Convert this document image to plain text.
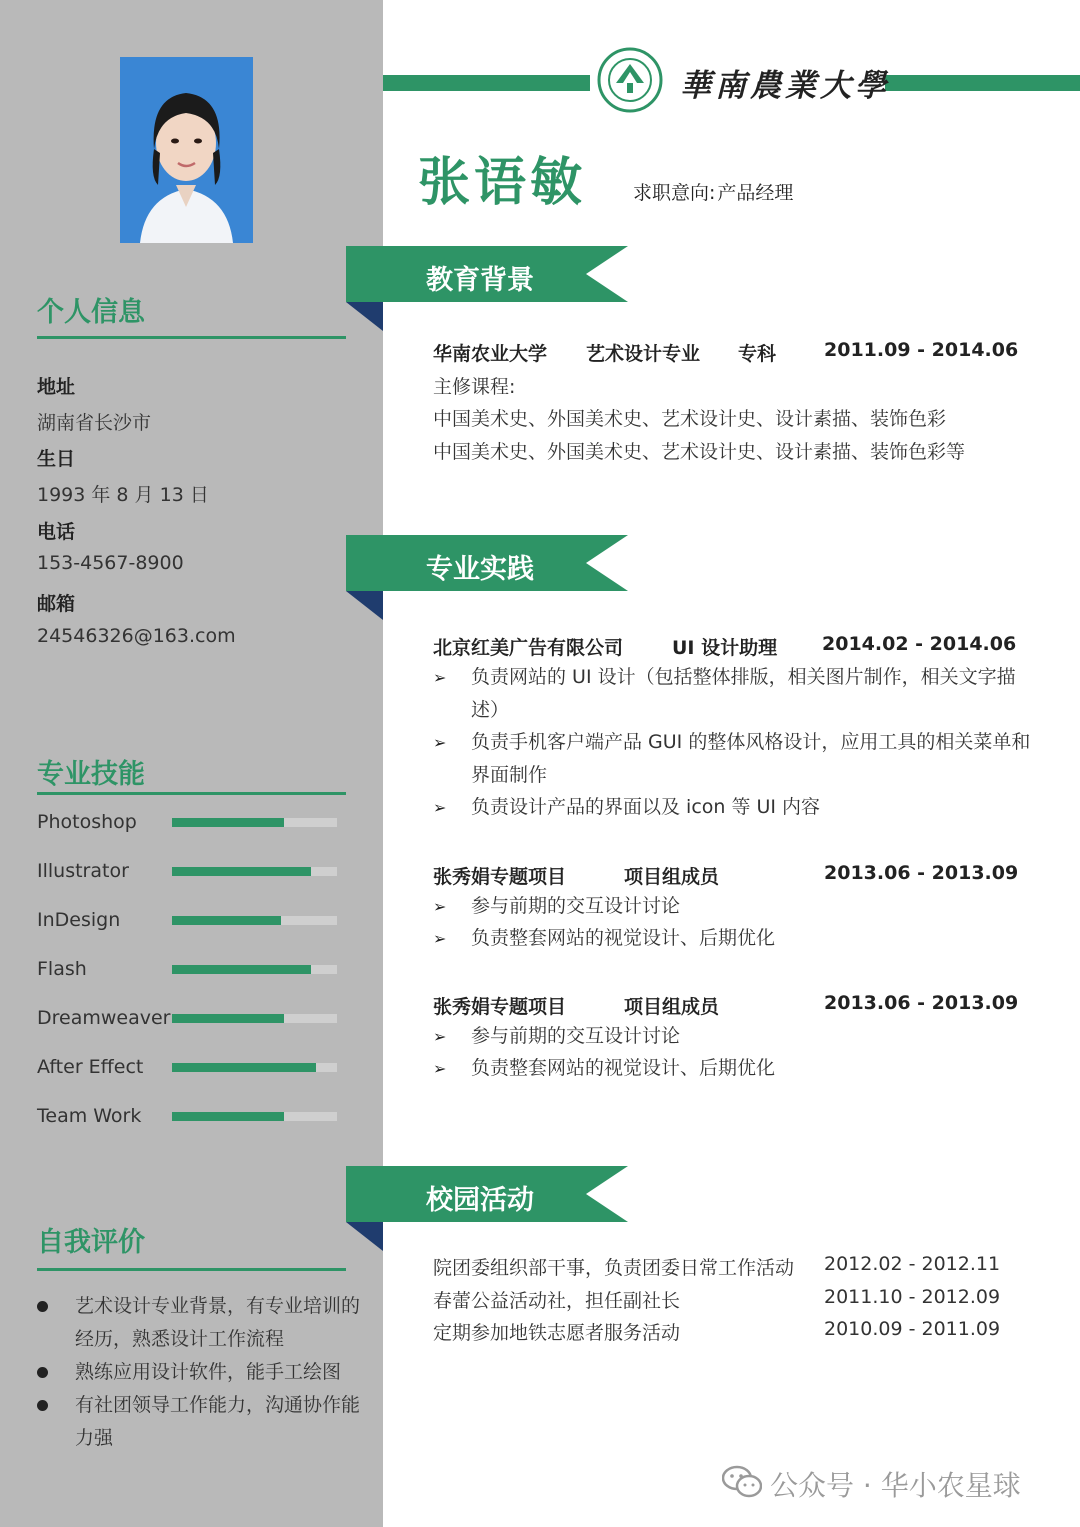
个人信息
地址
湖南省长沙市
生日
1993 年 8 月 13 日
电话
153-4567-8900
邮箱
24546326@163.com
专业技能
Photoshop
Illustrator
InDesign
Flash
Dreamweaver
After Effect
Team Work
自我评价
艺术设计专业背景，有专业培训的经历，熟悉设计工作流程
熟练应用设计软件，能手工绘图
有社团领导工作能力，沟通协作能力强
華南農業大學
张语敏 求职意向: 产品经理
教育背景
华南农业大学 艺术设计专业 专科	2011.09 - 2014.06
主修课程:
中国美术史、外国美术史、艺术设计史、设计素描、装饰色彩
中国美术史、外国美术史、艺术设计史、设计素描、装饰色彩等
专业实践
北京红美广告有限公司	UI 设计助理 2014.02 - 2014.06
➢ 负责网站的 UI 设计（包括整体排版，相关图片制作，相关文字描述）
➢ 负责手机客户端产品 GUI 的整体风格设计，应用工具的相关菜单和界面制作
➢ 负责设计产品的界面以及 icon 等 UI 内容
张秀娟专题项目	项目组成员	2013.06 - 2013.09
➢ 参与前期的交互设计讨论
➢ 负责整套网站的视觉设计、后期优化
张秀娟专题项目	项目组成员	2013.06 - 2013.09
➢ 参与前期的交互设计讨论
➢ 负责整套网站的视觉设计、后期优化
校园活动
院团委组织部干事，负责团委日常工作活动 2012.02 - 2012.11
春蕾公益活动社，担任副社长	2011.10 - 2012.09
定期参加地铁志愿者服务活动	2010.09 - 2011.09
公众号 · 华小农星球
